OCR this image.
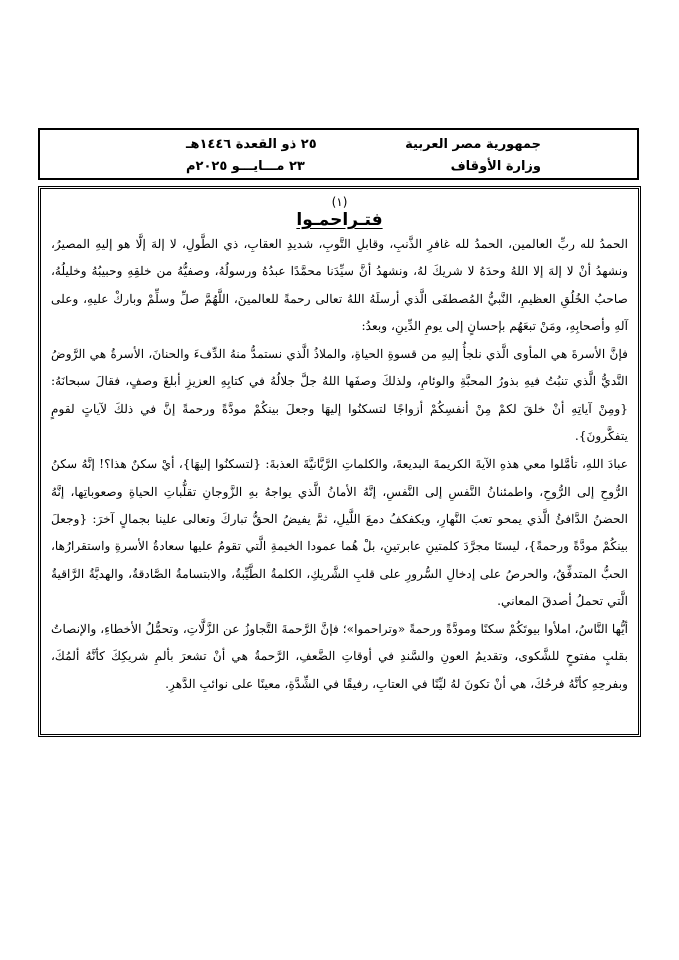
جمهورية مصر العربية
٢٥ ذو القعدة ١٤٤٦هـ
وزارة الأوقاف
٢٣ مـــايـــو ٢٠٢٥م
(١)
فتـراحمـوا

الحمدُ لله ربِّ العالمين، الحمدُ لله غافرِ الذَّنبِ، وقابلِ التَّوبِ، شديدِ العقابِ، ذي الطَّولِ، لا إلهَ إلَّا هو إليهِ المصيرُ، ونشهدُ أنْ لا إلهَ إلا اللهُ وحدَهُ لا شريكَ لهُ، ونشهدُ أنَّ سيِّدَنا محمَّدًا عبدُهُ ورسولُهُ، وصفيُّهُ من خلقِهِ وحبيبُهُ وخليلُهُ، صاحبُ الخُلُقِ العظيمِ، النَّبيُّ المُصطفَى الَّذي أرسلَهُ اللهُ تعالى رحمةً للعالمينَ، اللَّهُمَّ صلِّ وسلِّمْ وباركْ عليهِ، وعلى آلهِ وأصحابِهِ، ومَنْ تبعَهُم بإحسانٍ إلى يومِ الدِّينِ، وبعدُ:

فإنَّ الأسرةَ هي المأوى الَّذي نلجأُ إليهِ من قسوةِ الحياةِ، والملاذُ الَّذي نستمدُّ منهُ الدِّفءَ والحنانَ، الأسرةُ هي الرَّوضُ النَّديُّ الَّذي تنبُتُ فيهِ بذورُ المحبَّةِ والوئامِ، ولذلكَ وصفَها اللهُ جلَّ جلالُهُ في كتابِهِ العزيزِ أبلغَ وصفٍ، فقالَ سبحانَهُ: {ومِنْ آياتِهِ أنْ خلقَ لكمْ مِنْ أنفسِكُمْ أزواجًا لتسكنُوا إليهَا وجعلَ بينكُمْ مودَّةً ورحمةً إنَّ في ذلكَ لآياتٍ لقومٍ يتفكَّرونَ}.

عبادَ اللهِ، تأمَّلوا معي هذهِ الآيةَ الكريمةَ البديعةَ، والكلماتِ الرَّبَّانيَّةَ العذبةَ: {لتسكنُوا إليهَا}، أيْ سكنٌ هذا؟! إنَّهُ سكنُ الرُّوحِ إلى الرُّوحِ، واطمئنانُ النَّفسِ إلى النَّفسِ، إنَّهُ الأمانُ الَّذي يواجهُ بهِ الزَّوجانِ تقلُّباتِ الحياةِ وصعوباتِها، إنَّهُ الحضنُ الدَّافئُ الَّذي يمحو تعبَ النَّهارِ، ويكفكفُ دمعَ اللَّيلِ، ثمَّ يفيضُ الحقُّ تباركَ وتعالى علينا بجمالٍ آخرَ: {وجعلَ بينكُمْ مودَّةً ورحمةً}، ليستَا مجرَّدَ كلمتينِ عابرتينِ، بلْ هُما عمودا الخيمةِ الَّتي تقومُ عليها سعادةُ الأسرةِ واستقرارُها، الحبُّ المتدفِّقُ، والحرصُ على إدخالِ السُّرورِ على قلبِ الشَّريكِ، الكلمةُ الطَّيِّبةُ، والابتسامةُ الصَّادقةُ، والهديَّةُ الرَّاقيةُ الَّتي تحملُ أصدقَ المعاني.

أيُّها النَّاسُ، املأوا بيوتَكُمْ سكنًا ومودَّةً ورحمةً «وتراحموا»؛ فإنَّ الرَّحمةَ التَّجاوزُ عن الزَّلَّاتِ، وتحمُّلُ الأخطاءِ، والإنصاتُ بقلبٍ مفتوحٍ للشَّكوى، وتقديمُ العونِ والسَّندِ في أوقاتِ الضَّعفِ، الرَّحمةُ هي أنْ تشعرَ بألمِ شريكِكَ كأنَّهُ ألمُكَ، وبفرحِهِ كأنَّهُ فرحُكَ، هي أنْ تكونَ لهُ ليِّنًا في العتابِ، رفيقًا في الشِّدَّةِ، معينًا على نوائبِ الدَّهرِ.
